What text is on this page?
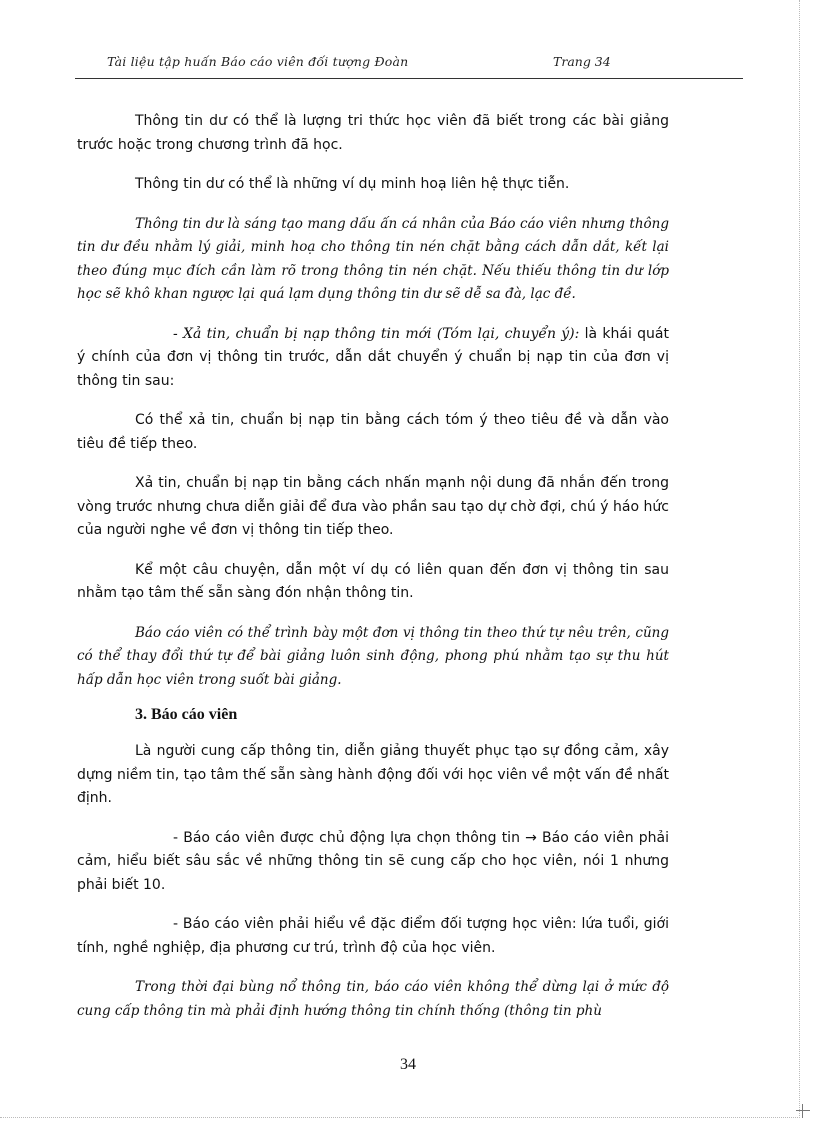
Tài liệu tập huấn Báo cáo viên đối tượng Đoàn	Trang 34

Thông tin dư có thể là lượng tri thức học viên đã biết trong các bài giảng trước hoặc trong chương trình đã học.

Thông tin dư có thể là những ví dụ minh hoạ liên hệ thực tiễn.

Thông tin dư là sáng tạo mang dấu ấn cá nhân của Báo cáo viên nhưng thông tin dư đều nhằm lý giải, minh hoạ cho thông tin nén chặt bằng cách dẫn dắt, kết lại theo đúng mục đích cần làm rõ trong thông tin nén chặt. Nếu thiếu thông tin dư lớp học sẽ khô khan ngược lại quá lạm dụng thông tin dư sẽ dễ sa đà, lạc đề.

- Xả tin, chuẩn bị nạp thông tin mới (Tóm lại, chuyển ý): là khái quát ý chính của đơn vị thông tin trước, dẫn dắt chuyển ý chuẩn bị nạp tin của đơn vị thông tin sau:

Có thể xả tin, chuẩn bị nạp tin bằng cách tóm ý theo tiêu đề và dẫn vào tiêu đề tiếp theo.

Xả tin, chuẩn bị nạp tin bằng cách nhấn mạnh nội dung đã nhắn đến trong vòng trước nhưng chưa diễn giải để đưa vào phần sau tạo dự chờ đợi, chú ý háo hức của người nghe về đơn vị thông tin tiếp theo.

Kể một câu chuyện, dẫn một ví dụ có liên quan đến đơn vị thông tin sau nhằm tạo tâm thế sẵn sàng đón nhận thông tin.

Báo cáo viên có thể trình bày một đơn vị thông tin theo thứ tự nêu trên, cũng có thể thay đổi thứ tự để bài giảng luôn sinh động, phong phú nhằm tạo sự thu hút hấp dẫn học viên trong suốt bài giảng.

3. Báo cáo viên

Là người cung cấp thông tin, diễn giảng thuyết phục tạo sự đồng cảm, xây dựng niềm tin, tạo tâm thế sẵn sàng hành động đối với học viên về một vấn đề nhất định.

- Báo cáo viên được chủ động lựa chọn thông tin → Báo cáo viên phải cảm, hiểu biết sâu sắc về những thông tin sẽ cung cấp cho học viên, nói 1 nhưng phải biết 10.

- Báo cáo viên phải hiểu về đặc điểm đối tượng học viên: lứa tuổi, giới tính, nghề nghiệp, địa phương cư trú, trình độ của học viên.

Trong thời đại bùng nổ thông tin, báo cáo viên không thể dừng lại ở mức độ cung cấp thông tin mà phải định hướng thông tin chính thống (thông tin phù

34
